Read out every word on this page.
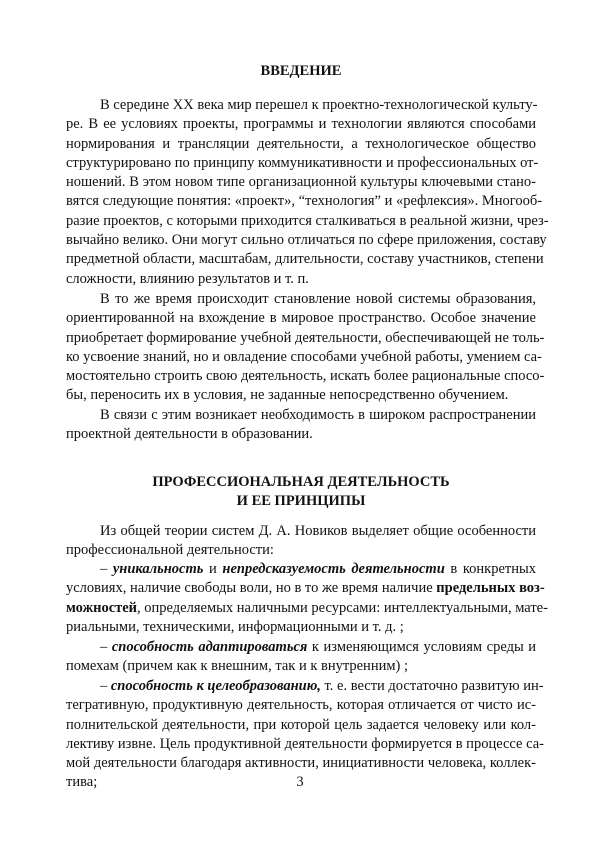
ВВЕДЕНИЕ
В середине XX века мир перешел к проектно-технологической культу-
ре. В ее условиях проекты, программы и технологии являются способами
нормирования и трансляции деятельности, а технологическое общество
структурировано по принципу коммуникативности и профессиональных от-
ношений. В этом новом типе организационной культуры ключевыми стано-
вятся следующие понятия: «проект», “технология” и «рефлексия». Многооб-
разие проектов, с которыми приходится сталкиваться в реальной жизни, чрез-
вычайно велико. Они могут сильно отличаться по сфере приложения, составу
предметной области, масштабам, длительности, составу участников, степени
сложности, влиянию результатов и т. п.
В то же время происходит становление новой системы образования,
ориентированной на вхождение в мировое пространство. Особое значение
приобретает формирование учебной деятельности, обеспечивающей не толь-
ко усвоение знаний, но и овладение способами учебной работы, умением са-
мостоятельно строить свою деятельность, искать более рациональные спосо-
бы, переносить их в условия, не заданные непосредственно обучением.
В связи с этим возникает необходимость в широком распространении
проектной деятельности в образовании.
ПРОФЕССИОНАЛЬНАЯ ДЕЯТЕЛЬНОСТЬ
И ЕЕ ПРИНЦИПЫ
Из общей теории систем Д. А. Новиков выделяет общие особенности
профессиональной деятельности:
– уникальность и непредсказуемость деятельности в конкретных
условиях, наличие свободы воли, но в то же время наличие предельных воз-
можностей, определяемых наличными ресурсами: интеллектуальными, мате-
риальными, техническими, информационными и т. д. ;
– способность адаптироваться к изменяющимся условиям среды и
помехам (причем как к внешним, так и к внутренним) ;
– способность к целеобразованию, т. е. вести достаточно развитую ин-
тегративную, продуктивную деятельность, которая отличается от чисто ис-
полнительской деятельности, при которой цель задается человеку или кол-
лективу извне. Цель продуктивной деятельности формируется в процессе са-
мой деятельности благодаря активности, инициативности человека, коллек-
тива;	3
